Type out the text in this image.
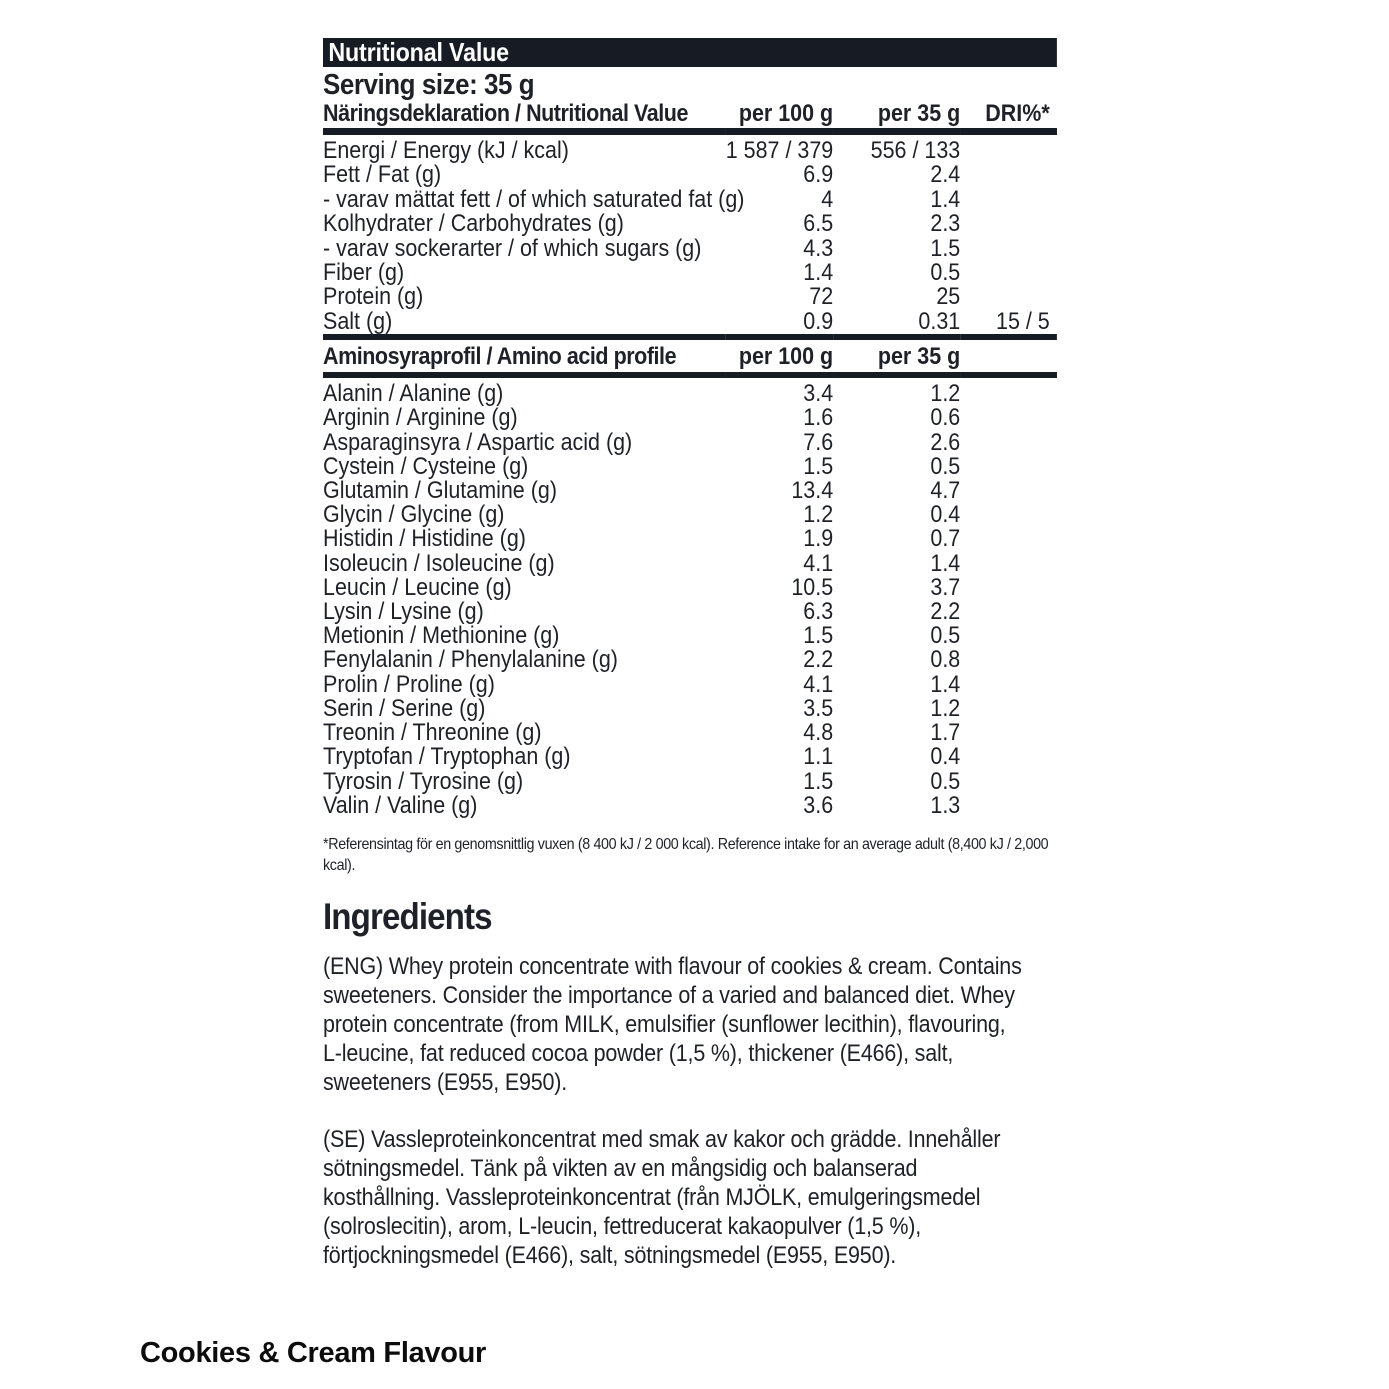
Nutritional Value
Serving size: 35 g
Näringsdeklaration / Nutritional Value	per 100 g	per 35 g	DRI%*
Energi / Energy (kJ / kcal)	1 587 / 379	556 / 133	
Fett / Fat (g)	6.9	2.4	
- varav mättat fett / of which saturated fat (g)	4	1.4	
Kolhydrater / Carbohydrates (g)	6.5	2.3	
- varav sockerarter / of which sugars (g)	4.3	1.5	
Fiber (g)	1.4	0.5	
Protein (g)	72	25	
Salt (g)	0.9	0.31	15 / 5
Aminosyraprofil / Amino acid profile	per 100 g	per 35 g	
Alanin / Alanine (g)	3.4	1.2	
Arginin / Arginine (g)	1.6	0.6	
Asparaginsyra / Aspartic acid (g)	7.6	2.6	
Cystein / Cysteine (g)	1.5	0.5	
Glutamin / Glutamine (g)	13.4	4.7	
Glycin / Glycine (g)	1.2	0.4	
Histidin / Histidine (g)	1.9	0.7	
Isoleucin / Isoleucine (g)	4.1	1.4	
Leucin / Leucine (g)	10.5	3.7	
Lysin / Lysine (g)	6.3	2.2	
Metionin / Methionine (g)	1.5	0.5	
Fenylalanin / Phenylalanine (g)	2.2	0.8	
Prolin / Proline (g)	4.1	1.4	
Serin / Serine (g)	3.5	1.2	
Treonin / Threonine (g)	4.8	1.7	
Tryptofan / Tryptophan (g)	1.1	0.4	
Tyrosin / Tyrosine (g)	1.5	0.5	
Valin / Valine (g)	3.6	1.3	

*Referensintag för en genomsnittlig vuxen (8 400 kJ / 2 000 kcal). Reference intake for an average adult (8,400 kJ / 2,000 kcal).

Ingredients

(ENG) Whey protein concentrate with flavour of cookies & cream. Contains sweeteners. Consider the importance of a varied and balanced diet. Whey protein concentrate (from MILK, emulsifier (sunflower lecithin), flavouring, L-leucine, fat reduced cocoa powder (1,5 %), thickener (E466), salt, sweeteners (E955, E950).

(SE) Vassleproteinkoncentrat med smak av kakor och grädde. Innehåller sötningsmedel. Tänk på vikten av en mångsidig och balanserad kosthållning. Vassleproteinkoncentrat (från MJÖLK, emulgeringsmedel (solroslecitin), arom, L-leucin, fettreducerat kakaopulver (1,5 %), förtjockningsmedel (E466), salt, sötningsmedel (E955, E950).

Cookies & Cream Flavour
